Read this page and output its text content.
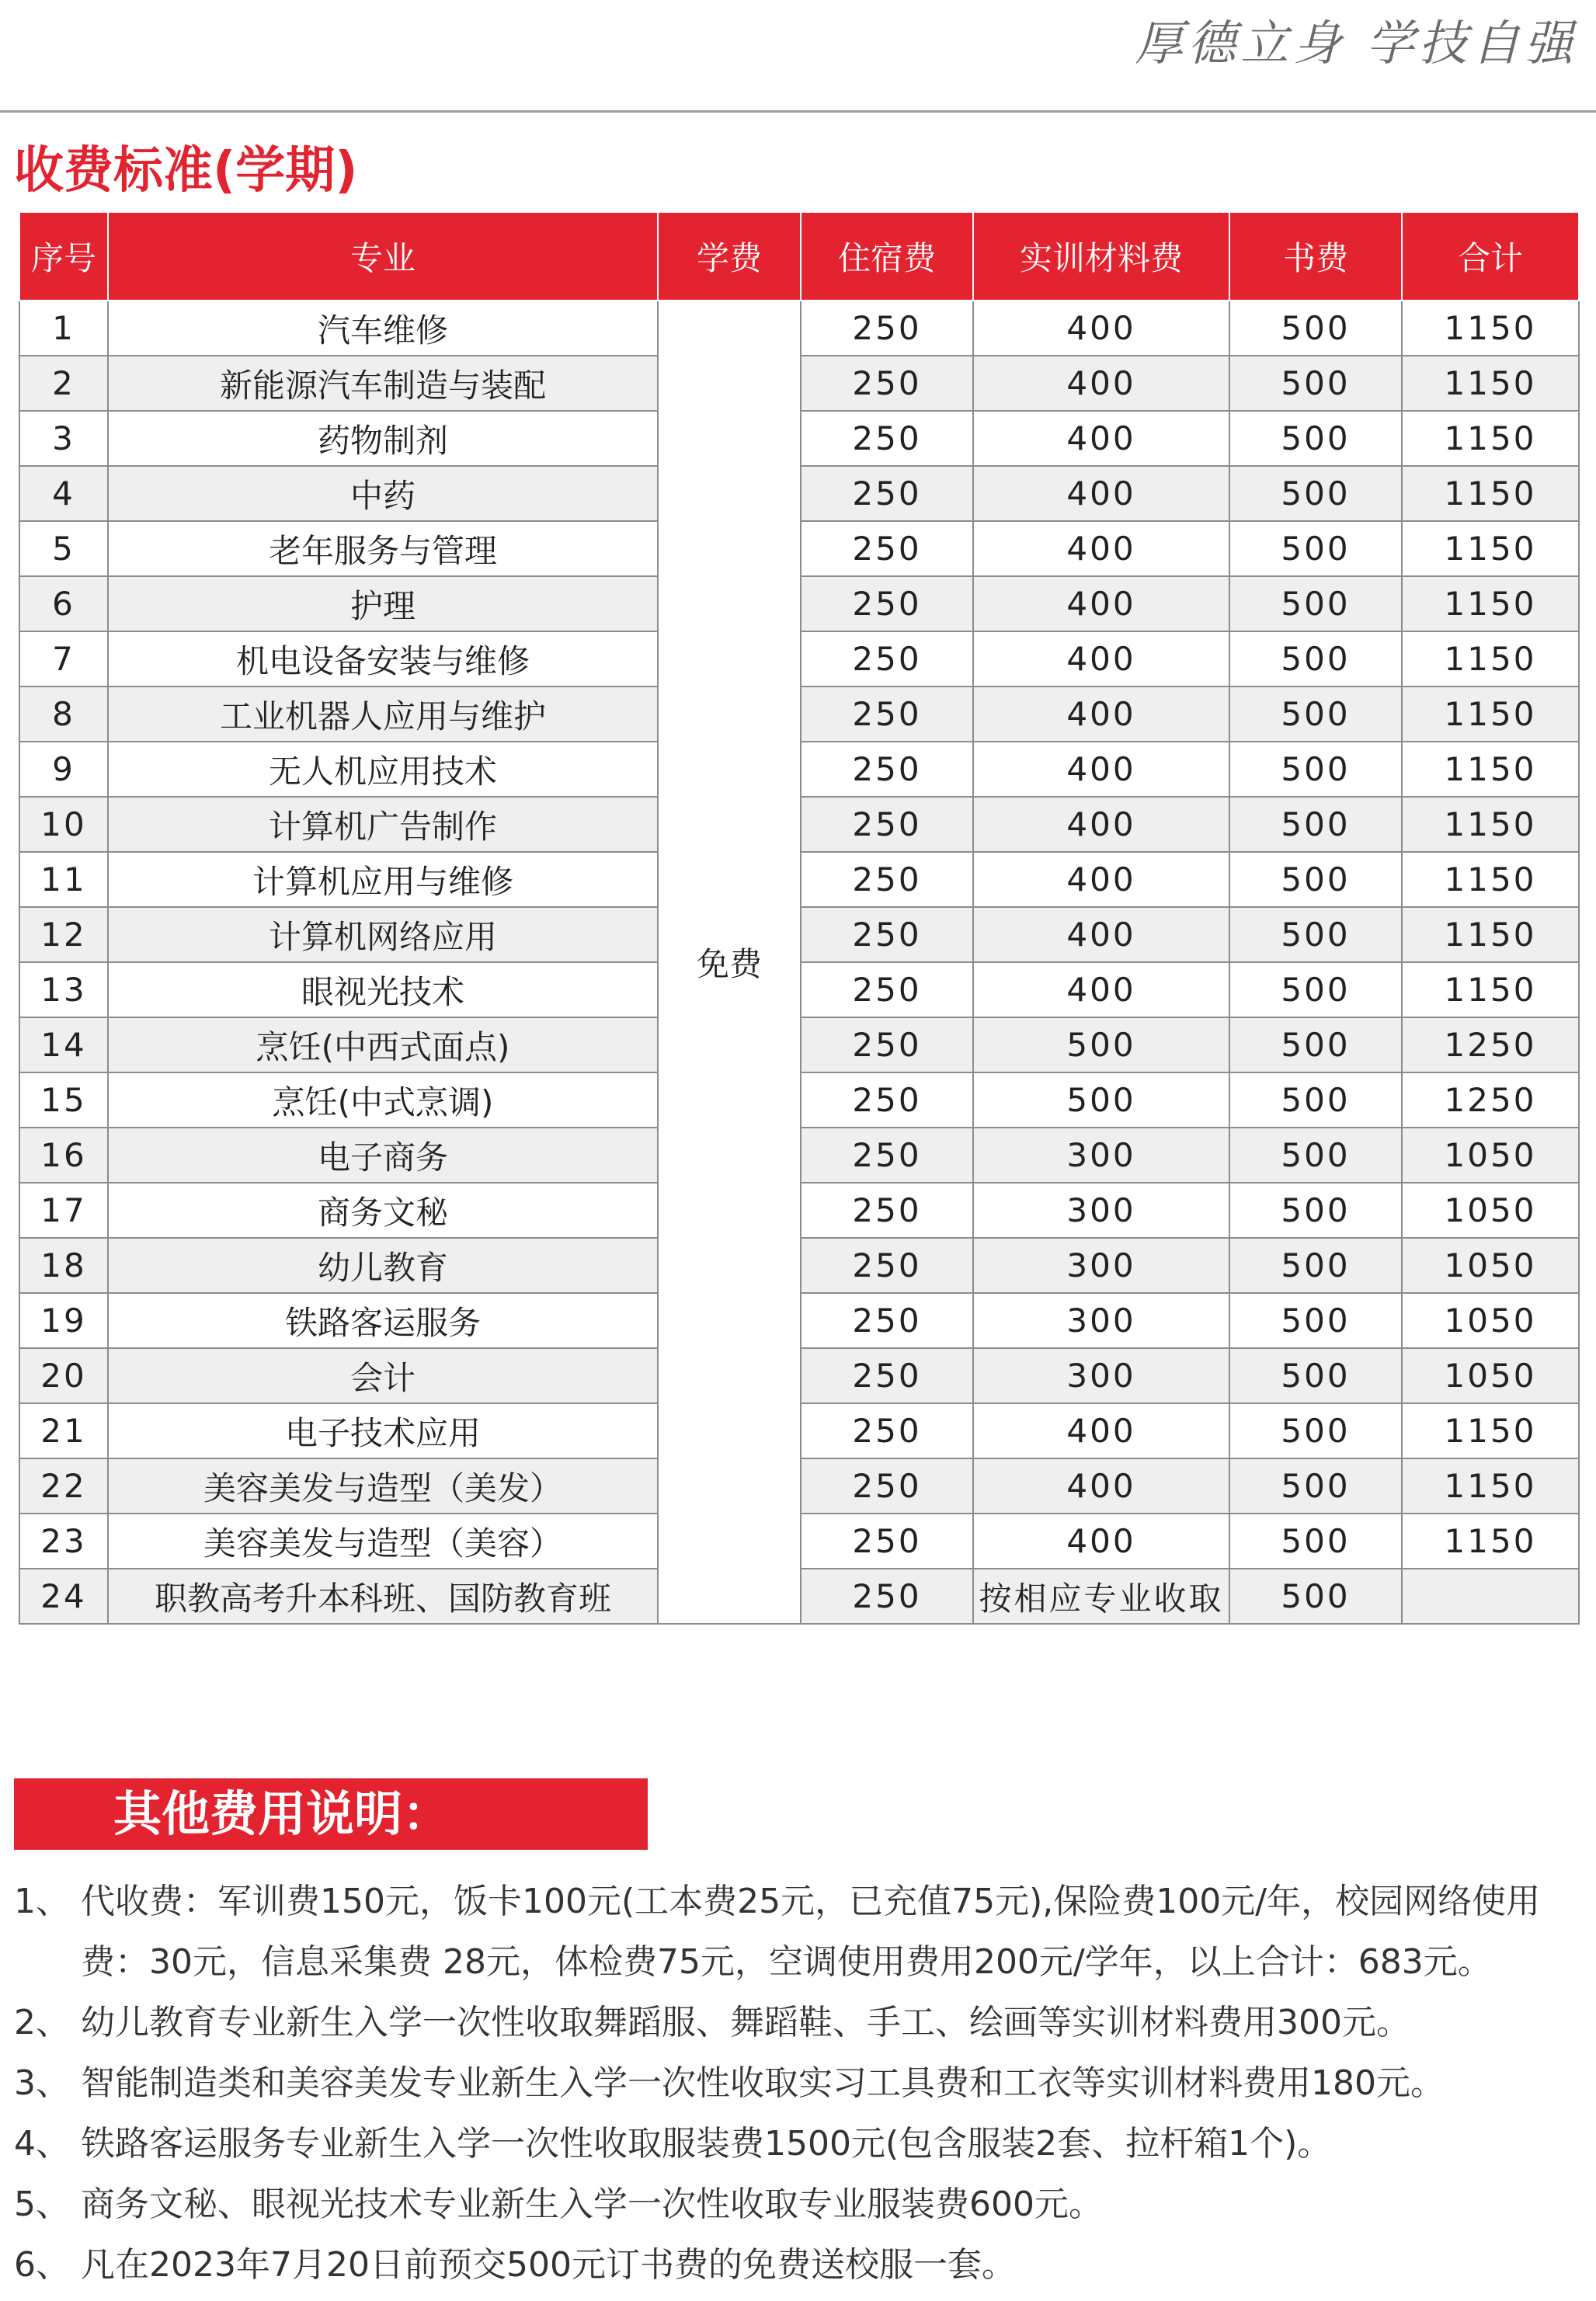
厚德立身 学技自强
收费标准(学期)
序号	专业	学费	住宿费	实训材料费	书费	合计
1	汽车维修	免费	250	400	500	1150
2	新能源汽车制造与装配		250	400	500	1150
3	药物制剂		250	400	500	1150
4	中药		250	400	500	1150
5	老年服务与管理		250	400	500	1150
6	护理		250	400	500	1150
7	机电设备安装与维修		250	400	500	1150
8	工业机器人应用与维护		250	400	500	1150
9	无人机应用技术		250	400	500	1150
10	计算机广告制作		250	400	500	1150
11	计算机应用与维修		250	400	500	1150
12	计算机网络应用		250	400	500	1150
13	眼视光技术		250	400	500	1150
14	烹饪(中西式面点)		250	500	500	1250
15	烹饪(中式烹调)		250	500	500	1250
16	电子商务		250	300	500	1050
17	商务文秘		250	300	500	1050
18	幼儿教育		250	300	500	1050
19	铁路客运服务		250	300	500	1050
20	会计		250	300	500	1050
21	电子技术应用		250	400	500	1150
22	美容美发与造型（美发）		250	400	500	1150
23	美容美发与造型（美容）		250	400	500	1150
24	职教高考升本科班、国防教育班		250	按相应专业收取	500	
其他费用说明：
1、 代收费：军训费150元，饭卡100元(工本费25元，已充值75元),保险费100元/年，校园网络使用费：30元，信息采集费 28元，体检费75元，空调使用费用200元/学年，以上合计：683元。
2、 幼儿教育专业新生入学一次性收取舞蹈服、舞蹈鞋、手工、绘画等实训材料费用300元。
3、 智能制造类和美容美发专业新生入学一次性收取实习工具费和工衣等实训材料费用180元。
4、 铁路客运服务专业新生入学一次性收取服装费1500元(包含服装2套、拉杆箱1个)。
5、 商务文秘、眼视光技术专业新生入学一次性收取专业服装费600元。
6、 凡在2023年7月20日前预交500元订书费的免费送校服一套。
